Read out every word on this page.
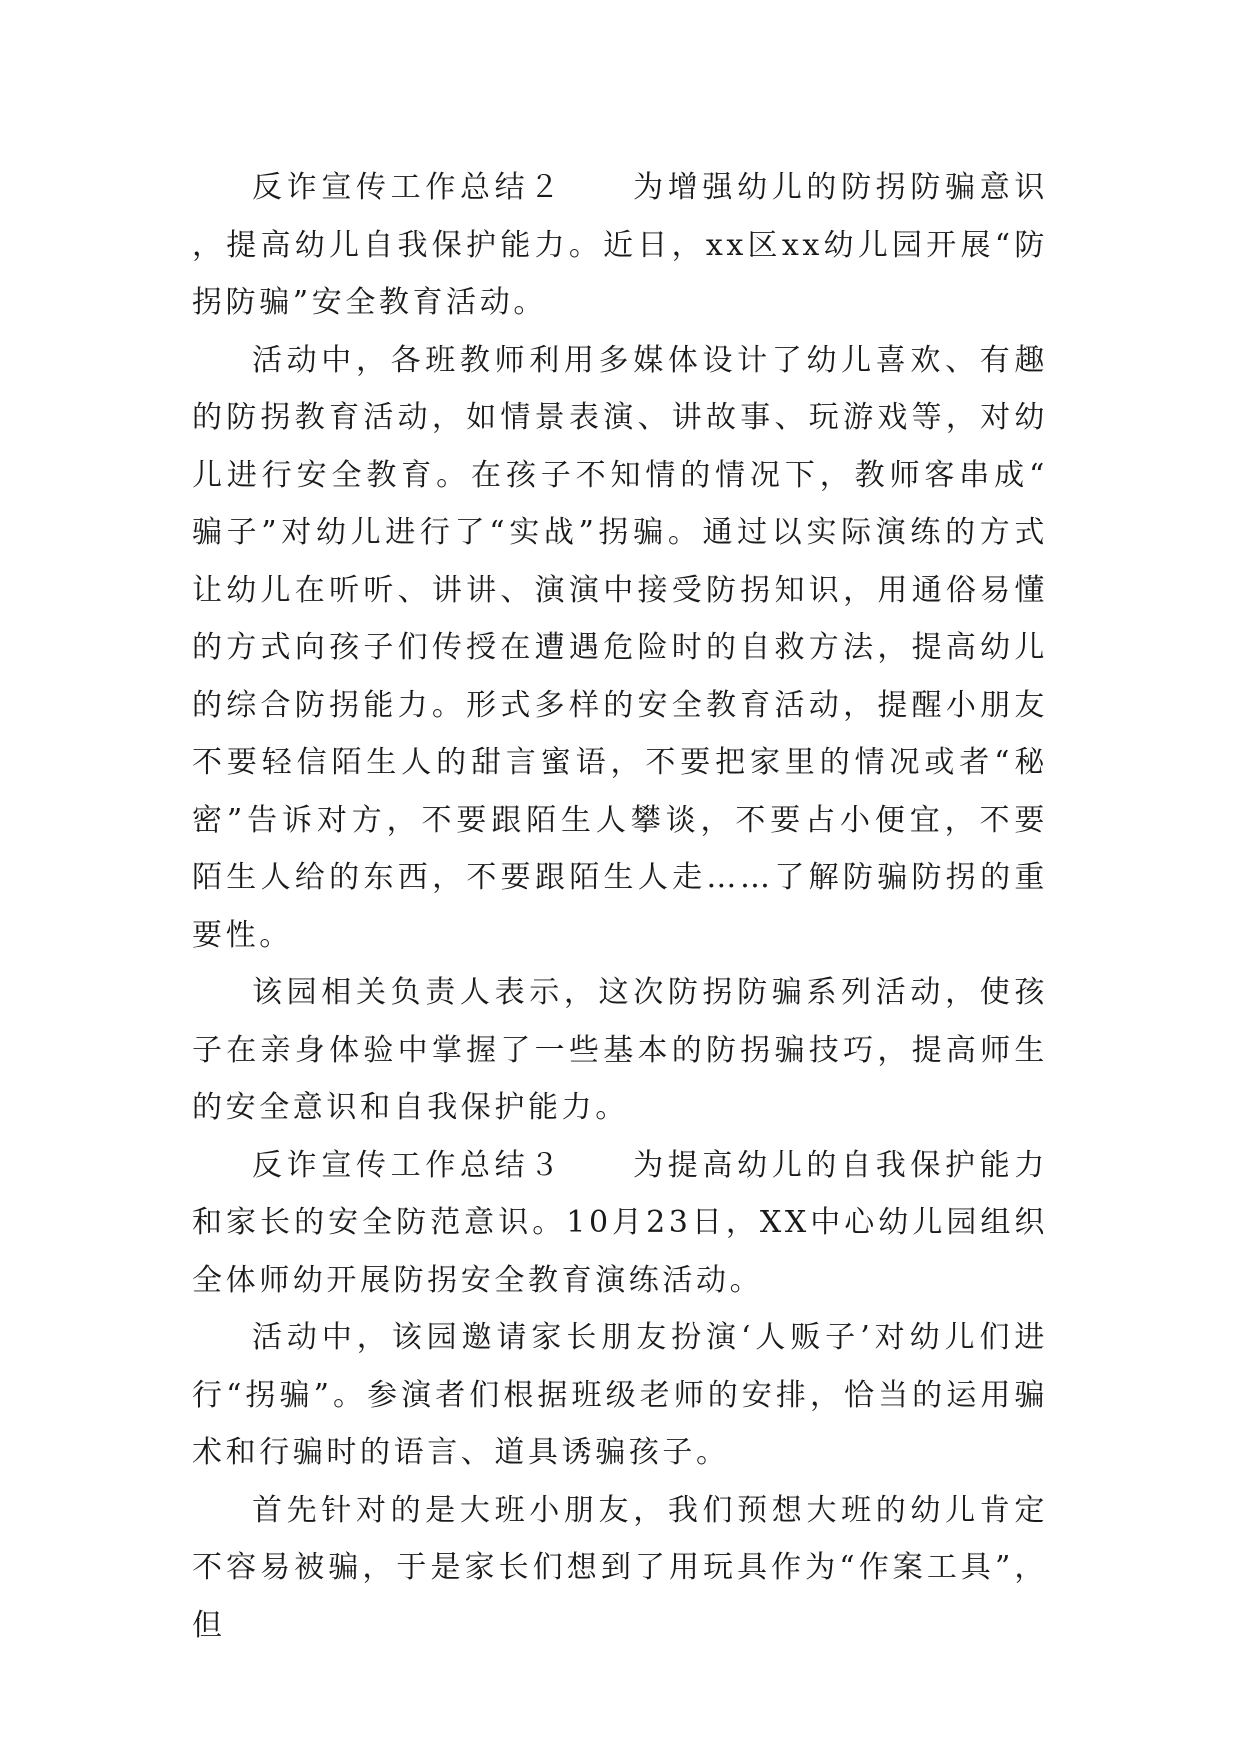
反诈宣传工作总结２ 为增强幼儿的防拐防骗意识，提高幼儿自我保护能力。近日，xx区xx幼儿园开展“防拐防骗”安全教育活动。

活动中，各班教师利用多媒体设计了幼儿喜欢、有趣的防拐教育活动，如情景表演、讲故事、玩游戏等，对幼儿进行安全教育。在孩子不知情的情况下，教师客串成“骗子”对幼儿进行了“实战”拐骗。通过以实际演练的方式让幼儿在听听、讲讲、演演中接受防拐知识，用通俗易懂的方式向孩子们传授在遭遇危险时的自救方法，提高幼儿的综合防拐能力。形式多样的安全教育活动，提醒小朋友不要轻信陌生人的甜言蜜语，不要把家里的情况或者“秘密”告诉对方，不要跟陌生人攀谈，不要占小便宜，不要陌生人给的东西，不要跟陌生人走……了解防骗防拐的重要性。

该园相关负责人表示，这次防拐防骗系列活动，使孩子在亲身体验中掌握了一些基本的防拐骗技巧，提高师生的安全意识和自我保护能力。

反诈宣传工作总结３ 为提高幼儿的自我保护能力和家长的安全防范意识。10月23日，XX中心幼儿园组织全体师幼开展防拐安全教育演练活动。

活动中，该园邀请家长朋友扮演‘人贩子’对幼儿们进行“拐骗”。参演者们根据班级老师的安排，恰当的运用骗术和行骗时的语言、道具诱骗孩子。

首先针对的是大班小朋友，我们预想大班的幼儿肯定不容易被骗，于是家长们想到了用玩具作为“作案工具”，但
